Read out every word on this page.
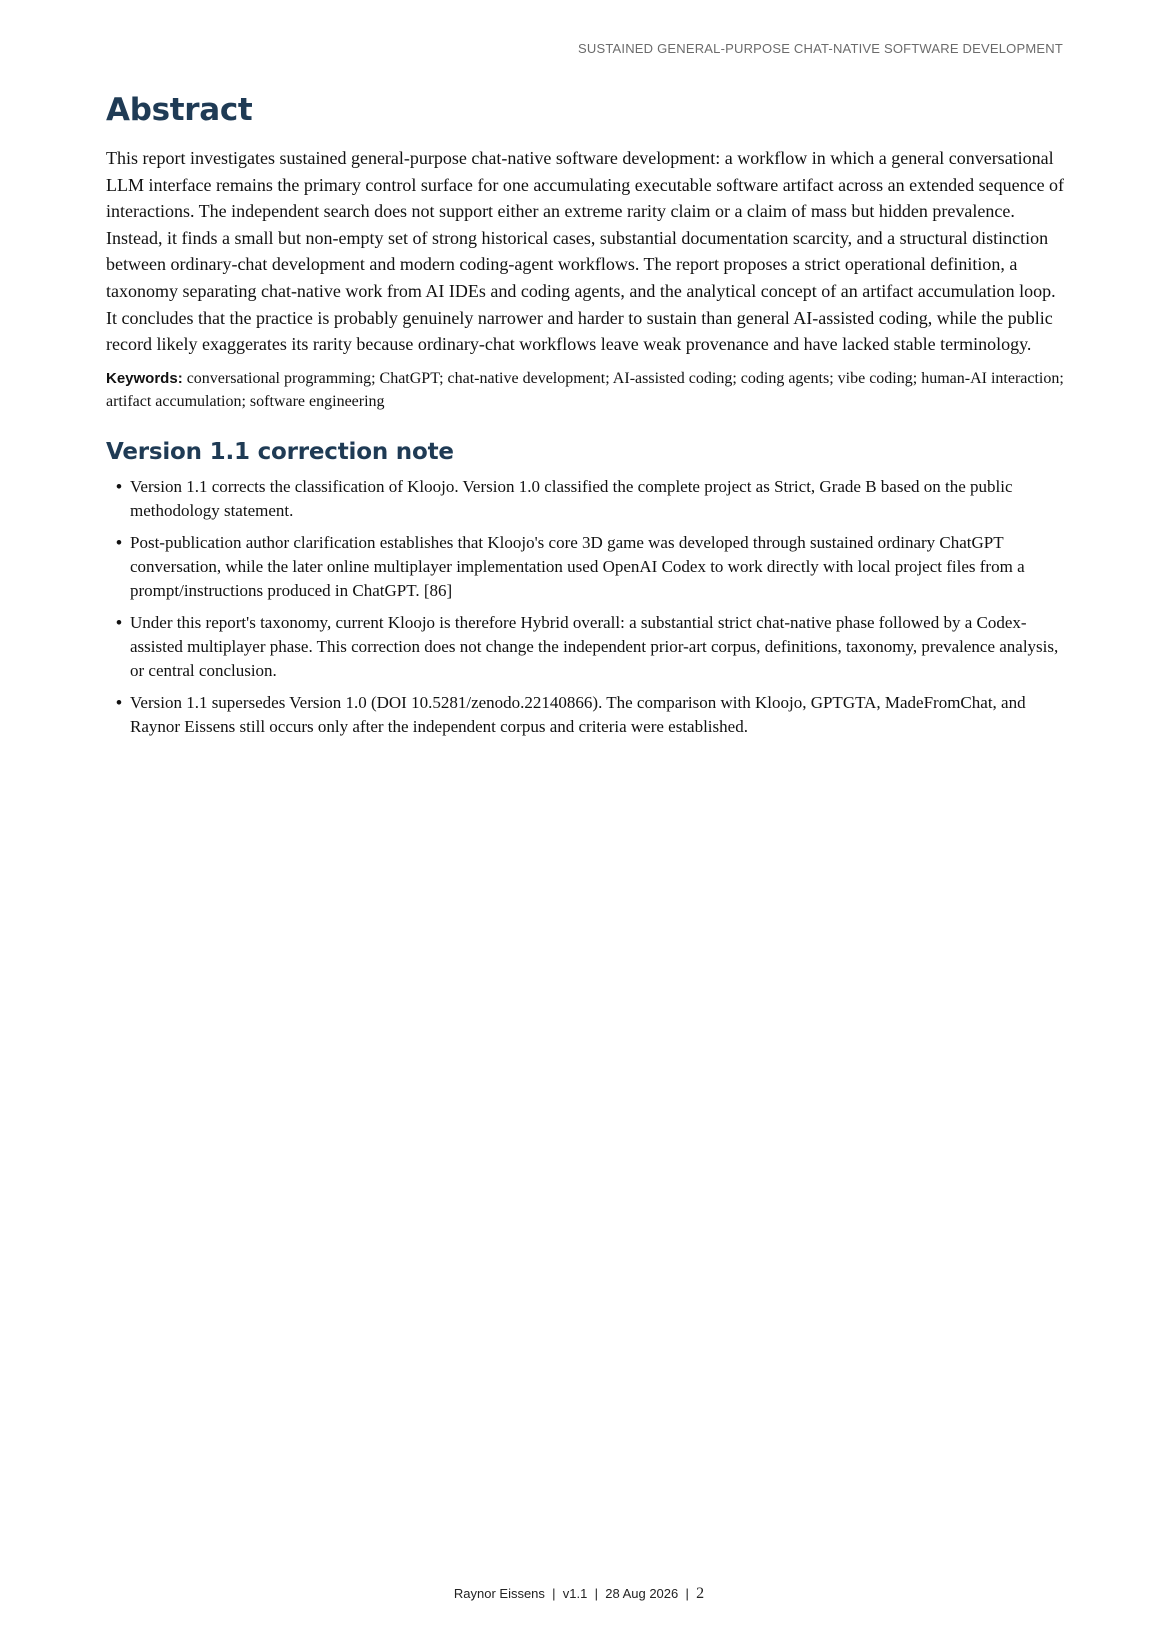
SUSTAINED GENERAL-PURPOSE CHAT-NATIVE SOFTWARE DEVELOPMENT
Abstract

This report investigates sustained general-purpose chat-native software development: a workflow in which a general conversational LLM interface remains the primary control surface for one accumulating executable software artifact across an extended sequence of interactions. The independent search does not support either an extreme rarity claim or a claim of mass but hidden prevalence. Instead, it finds a small but non-empty set of strong historical cases, substantial documentation scarcity, and a structural distinction between ordinary-chat development and modern coding-agent workflows. The report proposes a strict operational definition, a taxonomy separating chat-native work from AI IDEs and coding agents, and the analytical concept of an artifact accumulation loop. It concludes that the practice is probably genuinely narrower and harder to sustain than general AI-assisted coding, while the public record likely exaggerates its rarity because ordinary-chat workflows leave weak provenance and have lacked stable terminology.

Keywords: conversational programming; ChatGPT; chat-native development; AI-assisted coding; coding agents; vibe coding; human-AI interaction; artifact accumulation; software engineering

Version 1.1 correction note
• Version 1.1 corrects the classification of Kloojo. Version 1.0 classified the complete project as Strict, Grade B based on the public methodology statement.
• Post-publication author clarification establishes that Kloojo's core 3D game was developed through sustained ordinary ChatGPT conversation, while the later online multiplayer implementation used OpenAI Codex to work directly with local project files from a prompt/instructions produced in ChatGPT. [86]
• Under this report's taxonomy, current Kloojo is therefore Hybrid overall: a substantial strict chat-native phase followed by a Codex-assisted multiplayer phase. This correction does not change the independent prior-art corpus, definitions, taxonomy, prevalence analysis, or central conclusion.
• Version 1.1 supersedes Version 1.0 (DOI 10.5281/zenodo.22140866). The comparison with Kloojo, GPTGTA, MadeFromChat, and Raynor Eissens still occurs only after the independent corpus and criteria were established.
Raynor Eissens | v1.1 | 28 Aug 2026 | 2
